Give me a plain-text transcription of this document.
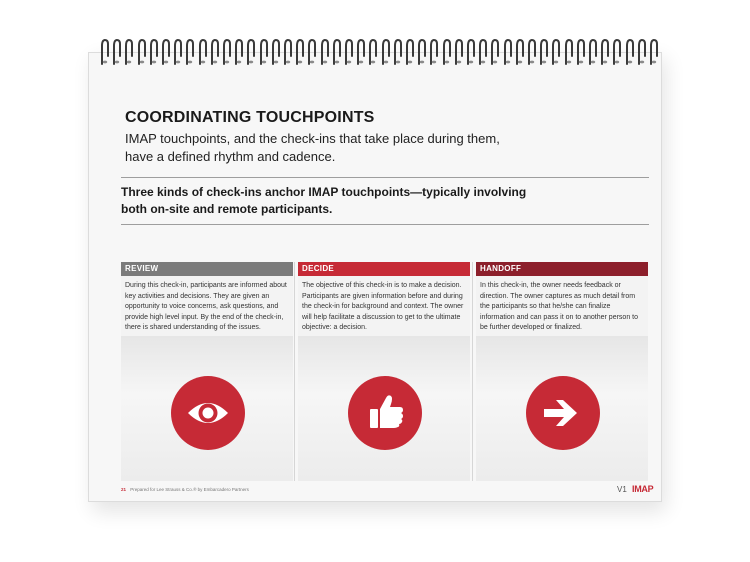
COORDINATING TOUCHPOINTS

IMAP touchpoints, and the check-ins that take place during them, have a defined rhythm and cadence.

Three kinds of check-ins anchor IMAP touchpoints—typically involving both on-site and remote participants.

REVIEW

During this check-in, participants are informed about key activities and decisions. They are given an opportunity to voice concerns, ask questions, and provide high level input. By the end of the check-in, there is shared understanding of the issues.

DECIDE

The objective of this check-in is to make a decision. Participants are given information before and during the check-in for background and context. The owner will help facilitate a discussion to get to the ultimate objective: a decision.

HANDOFF

In this check-in, the owner needs feedback or direction. The owner captures as much detail from the participants so that he/she can finalize information and can pass it on to another person to be further developed or finalized.

21 Prepared for Lee Strauss & Co.® by Embarcadero Partners	V1 IMAP
